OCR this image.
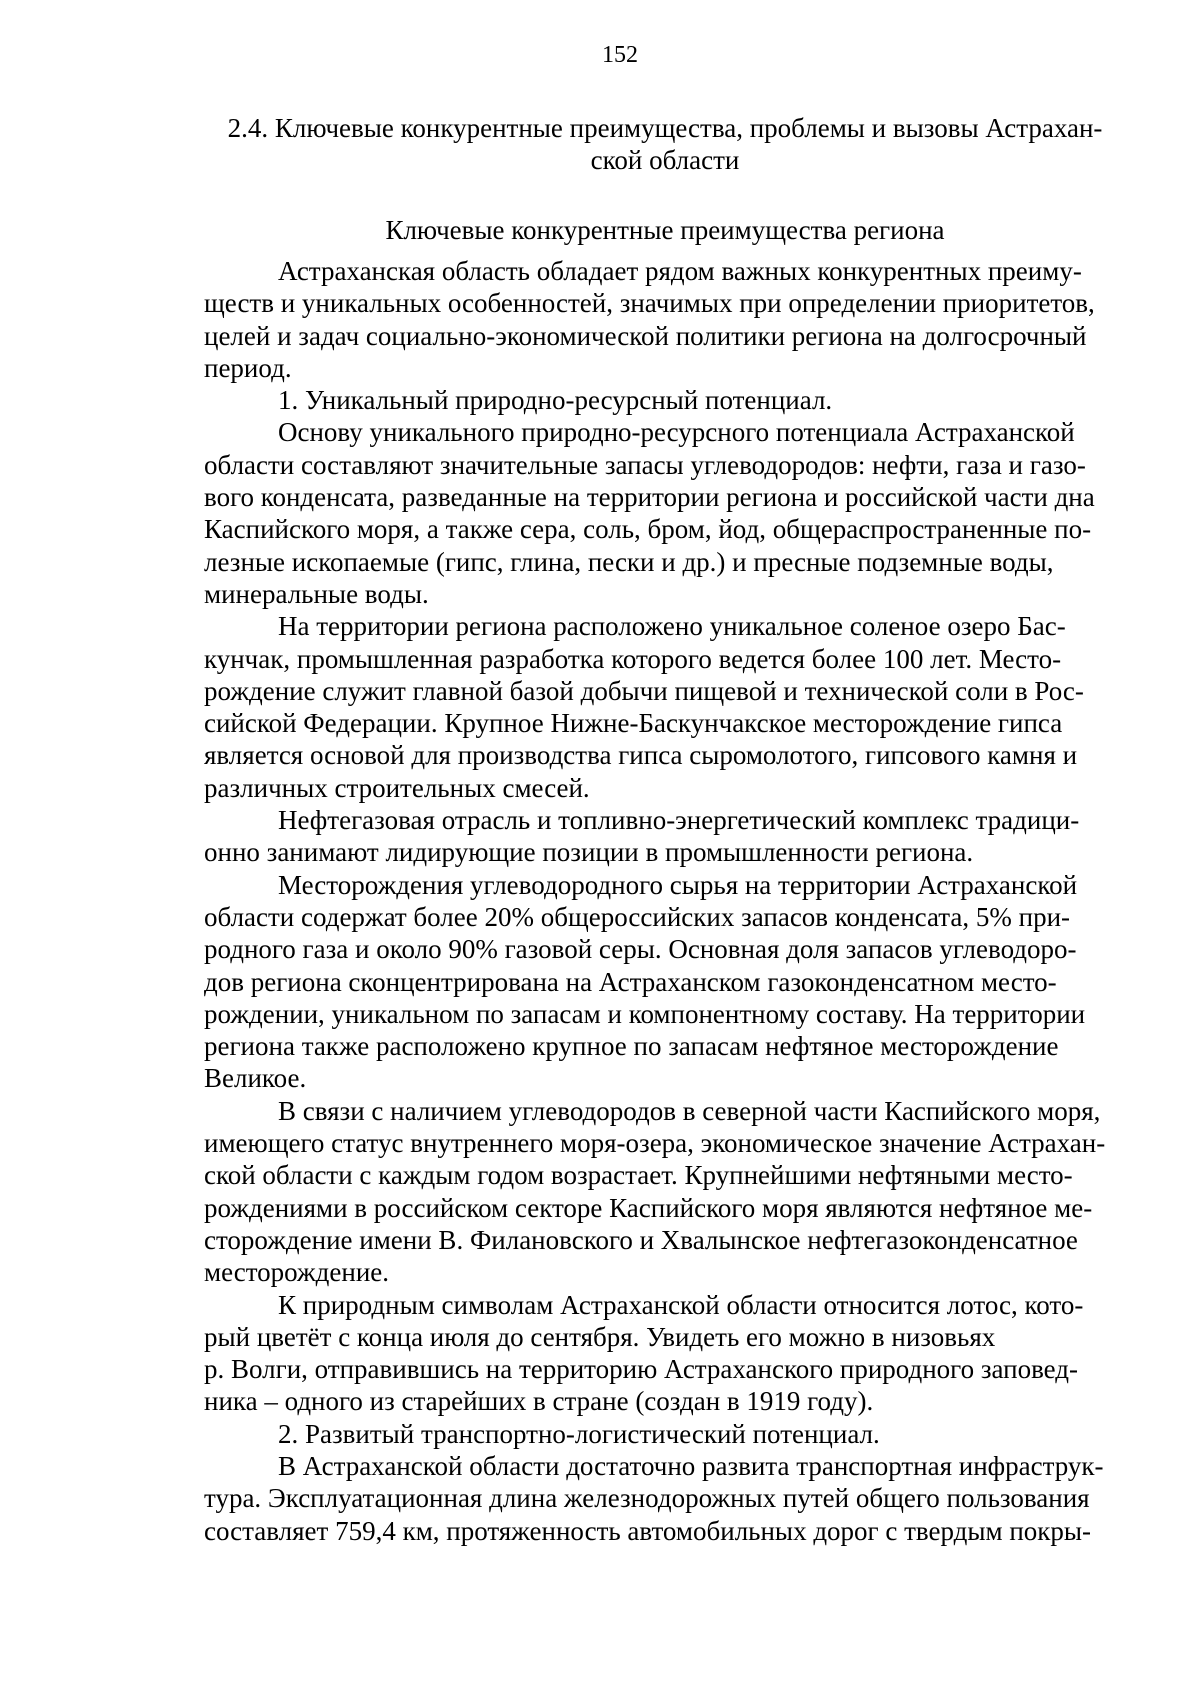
152
2.4. Ключевые конкурентные преимущества, проблемы и вызовы Астрахан-
ской области
Ключевые конкурентные преимущества региона

Астраханская область обладает рядом важных конкурентных преиму-
ществ и уникальных особенностей, значимых при определении приоритетов,
целей и задач социально-экономической политики региона на долгосрочный
период.

1. Уникальный природно-ресурсный потенциал.

Основу уникального природно-ресурсного потенциала Астраханской
области составляют значительные запасы углеводородов: нефти, газа и газо-
вого конденсата, разведанные на территории региона и российской части дна
Каспийского моря, а также сера, соль, бром, йод, общераспространенные по-
лезные ископаемые (гипс, глина, пески и др.) и пресные подземные воды,
минеральные воды.

На территории региона расположено уникальное соленое озеро Бас-
кунчак, промышленная разработка которого ведется более 100 лет. Место-
рождение служит главной базой добычи пищевой и технической соли в Рос-
сийской Федерации. Крупное Нижне-Баскунчакское месторождение гипса
является основой для производства гипса сыромолотого, гипсового камня и
различных строительных смесей.

Нефтегазовая отрасль и топливно-энергетический комплекс традици-
онно занимают лидирующие позиции в промышленности региона.

Месторождения углеводородного сырья на территории Астраханской
области содержат более 20% общероссийских запасов конденсата, 5% при-
родного газа и около 90% газовой серы. Основная доля запасов углеводоро-
дов региона сконцентрирована на Астраханском газоконденсатном место-
рождении, уникальном по запасам и компонентному составу. На территории
региона также расположено крупное по запасам нефтяное месторождение
Великое.

В связи с наличием углеводородов в северной части Каспийского моря,
имеющего статус внутреннего моря-озера, экономическое значение Астрахан-
ской области с каждым годом возрастает. Крупнейшими нефтяными место-
рождениями в российском секторе Каспийского моря являются нефтяное ме-
сторождение имени В. Филановского и Хвалынское нефтегазоконденсатное
месторождение.

К природным символам Астраханской области относится лотос, кото-
рый цветёт с конца июля до сентября. Увидеть его можно в низовьях
р. Волги, отправившись на территорию Астраханского природного заповед-
ника – одного из старейших в стране (создан в 1919 году).

2. Развитый транспортно-логистический потенциал.

В Астраханской области достаточно развита транспортная инфраструк-
тура. Эксплуатационная длина железнодорожных путей общего пользования
составляет 759,4 км, протяженность автомобильных дорог с твердым покры-
